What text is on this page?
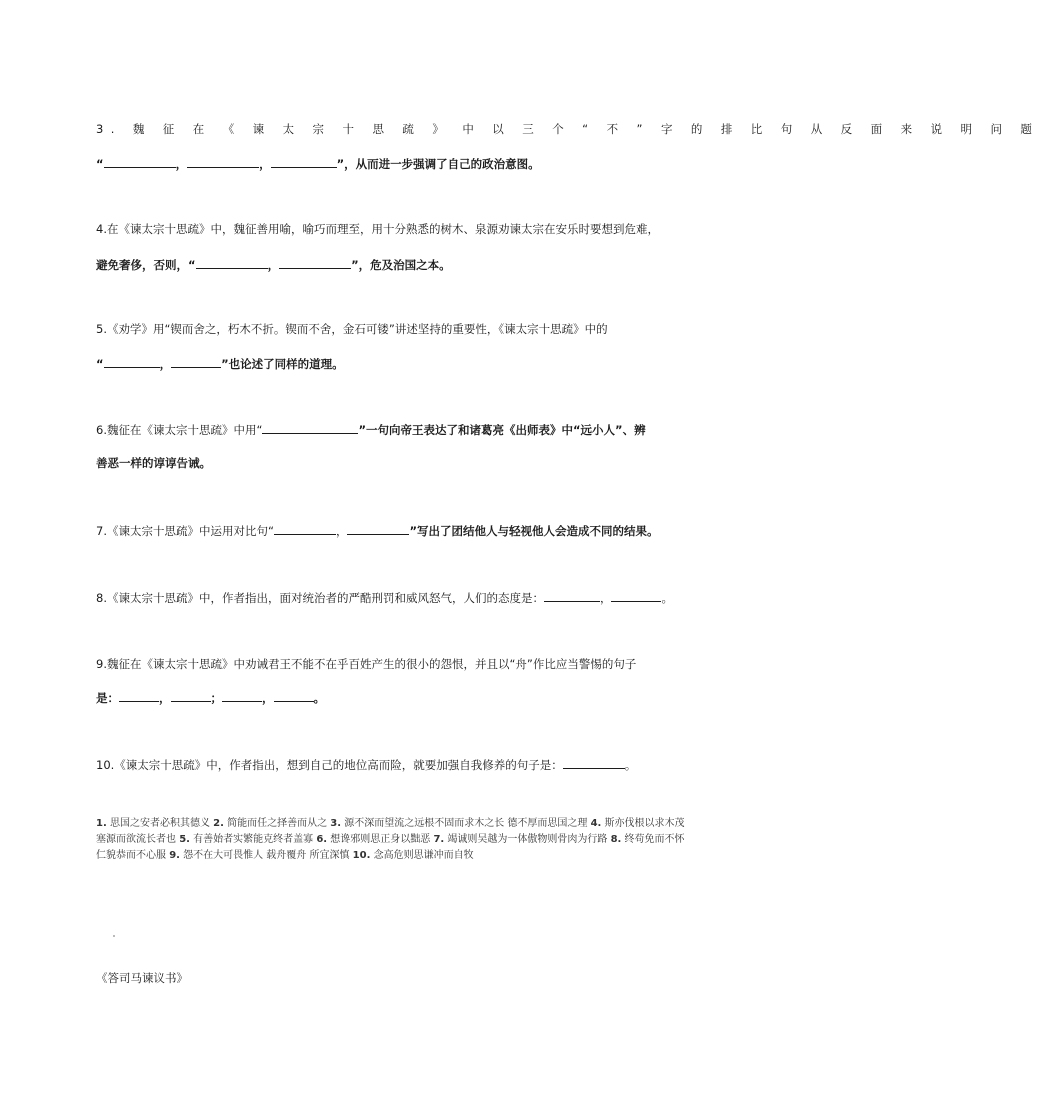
3. 魏 征 在 《 谏 太 宗 十 思 疏 》 中 以 三 个 “ 不 ” 字 的 排 比 句 从 反 面 来 说 明 问 题
“	，	，	”，从而进一步强调了自己的政治意图。
4.在《谏太宗十思疏》中，魏征善用喻，喻巧而理至，用十分熟悉的树木、泉源劝谏太宗在安乐时要想到危难，
避免奢侈，否则，“	，	”，危及治国之本。
5.《劝学》用“锲而舍之，朽木不折。锲而不舍，金石可镂”讲述坚持的重要性，《谏太宗十思疏》中的
“	，	”也论述了同样的道理。
6.魏征在《谏太宗十思疏》中用“	”一句向帝王表达了和诸葛亮《出师表》中“远小人”、辨
善恶一样的谆谆告诫。
7.《谏太宗十思疏》中运用对比句“	，	”写出了团结他人与轻视他人会造成不同的结果。
8.《谏太宗十思疏》中，作者指出，面对统治者的严酷刑罚和威风怒气，人们的态度是：	，	。
9.魏征在《谏太宗十思疏》中劝诫君王不能不在乎百姓产生的很小的怨恨，并且以“舟”作比应当警惕的句子
是：	，	；	，	。
10.《谏太宗十思疏》中，作者指出，想到自己的地位高而险，就要加强自我修养的句子是：	。
1. 思国之安者必积其德义 2. 简能而任之择善而从之 3. 源不深而望流之远根不固而求木之长 德不厚而思国之理 4. 斯亦伐根以求木茂塞源而欲流长者也 5. 有善始者实繁能克终者盖寡 6. 想谗邪则思正身以黜恶 7. 竭诚则吴越为一体傲物则骨肉为行路 8. 终苟免而不怀仁貌恭而不心服 9. 怨不在大可畏惟人 载舟覆舟 所宜深慎 10. 念高危则思谦冲而自牧
《答司马谏议书》
